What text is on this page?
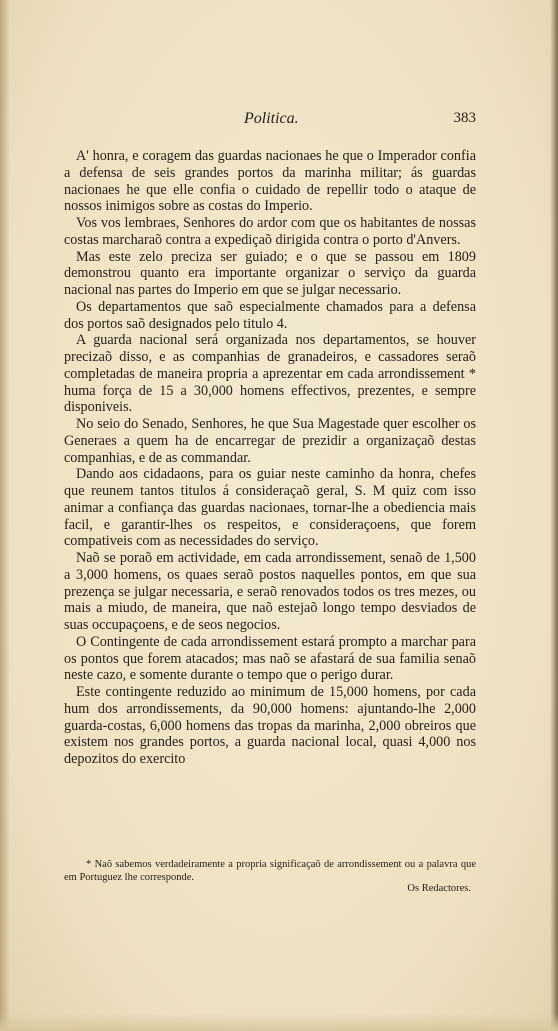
Politica.	383

A' honra, e coragem das guardas nacionaes he que o Imperador confia a defensa de seis grandes portos da marinha militar; ás guardas nacionaes he que elle confia o cuidado de repellir todo o ataque de nossos inimigos sobre as costas do Imperio.

Vos vos lembraes, Senhores do ardor com que os habitantes de nossas costas marcharaõ contra a expediçaõ dirigida contra o porto d'Anvers.

Mas este zelo preciza ser guiado; e o que se passou em 1809 demonstrou quanto era importante organizar o serviço da guarda nacional nas partes do Imperio em que se julgar necessario.

Os departamentos que saõ especialmente chamados para a defensa dos portos saõ designados pelo titulo 4.

A guarda nacional será organizada nos departamentos, se houver precizaõ disso, e as companhias de granadeiros, e cassadores seraõ completadas de maneira propria a aprezentar em cada arrondissement * huma força de 15 a 30,000 homens effectivos, prezentes, e sempre disponiveis.

No seio do Senado, Senhores, he que Sua Magestade quer escolher os Generaes a quem ha de encarregar de prezidir a organizaçaõ destas companhias, e de as commandar.

Dando aos cidadaons, para os guiar neste caminho da honra, chefes que reunem tantos titulos á consideraçaõ geral, S. M quiz com isso animar a confiança das guardas nacionaes, tornar-lhe a obediencia mais facil, e garantir-lhes os respeitos, e consideraçoens, que forem compativeis com as necessidades do serviço.

Naõ se poraõ em actividade, em cada arrondissement, senaõ de 1,500 a 3,000 homens, os quaes seraõ postos naquelles pontos, em que sua prezença se julgar necessaria, e seraõ renovados todos os tres mezes, ou mais a miudo, de maneira, que naõ estejaõ longo tempo desviados de suas occupaçoens, e de seos negocios.

O Contingente de cada arrondissement estará prompto a marchar para os pontos que forem atacados; mas naõ se afastará de sua familia senaõ neste cazo, e somente durante o tempo que o perigo durar.

Este contingente reduzido ao minimum de 15,000 homens, por cada hum dos arrondissements, da 90,000 homens: ajuntando-lhe 2,000 guarda-costas, 6,000 homens das tropas da marinha, 2,000 obreiros que existem nos grandes portos, a guarda nacional local, quasi 4,000 nos depozitos do exercito

* Naõ sabemos verdadeiramente a propria significaçaõ de arrondissement ou a palavra que em Portuguez lhe corresponde.

Os Redactores.
